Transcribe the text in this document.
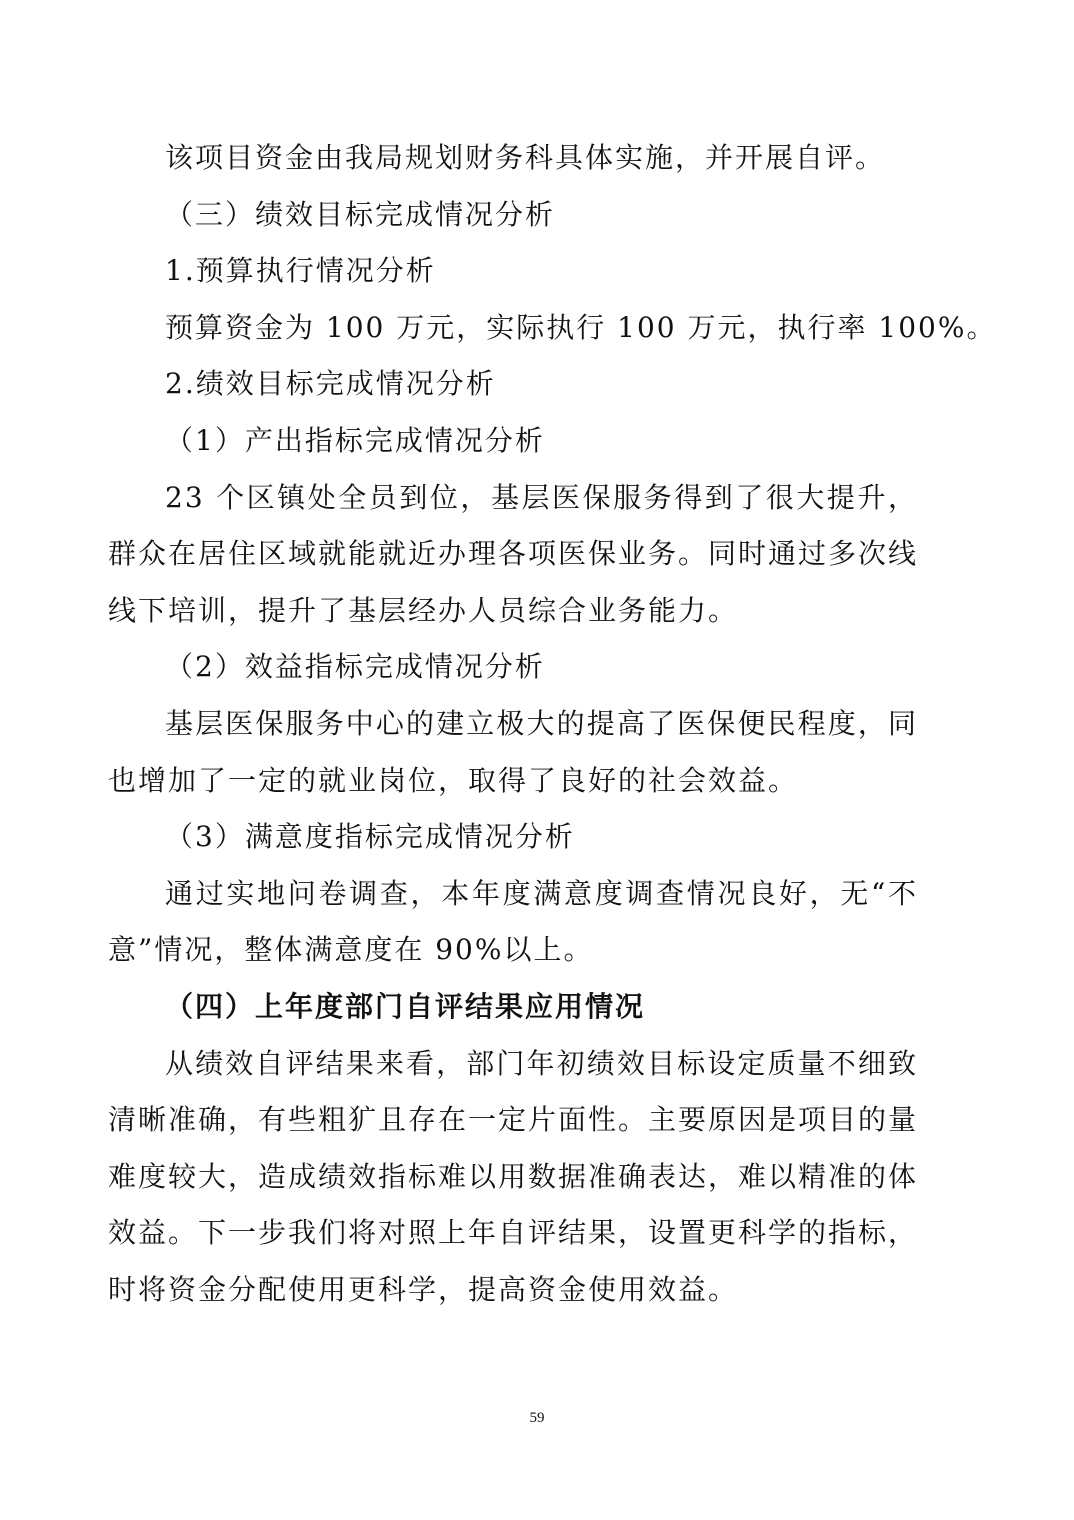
该项目资金由我局规划财务科具体实施，并开展自评。
（三）绩效目标完成情况分析
1.预算执行情况分析
预算资金为 100 万元，实际执行 100 万元，执行率 100%。
2.绩效目标完成情况分析
（1）产出指标完成情况分析
23 个区镇处全员到位，基层医保服务得到了很大提升，
群众在居住区域就能就近办理各项医保业务。同时通过多次线
线下培训，提升了基层经办人员综合业务能力。
（2）效益指标完成情况分析
基层医保服务中心的建立极大的提高了医保便民程度，同
也增加了一定的就业岗位，取得了良好的社会效益。
（3）满意度指标完成情况分析
通过实地问卷调查，本年度满意度调查情况良好，无“不
意”情况，整体满意度在 90%以上。
（四）上年度部门自评结果应用情况
从绩效自评结果来看，部门年初绩效目标设定质量不细致
清晰准确，有些粗犷且存在一定片面性。主要原因是项目的量
难度较大，造成绩效指标难以用数据准确表达，难以精准的体
效益。下一步我们将对照上年自评结果，设置更科学的指标，
时将资金分配使用更科学，提高资金使用效益。
59
